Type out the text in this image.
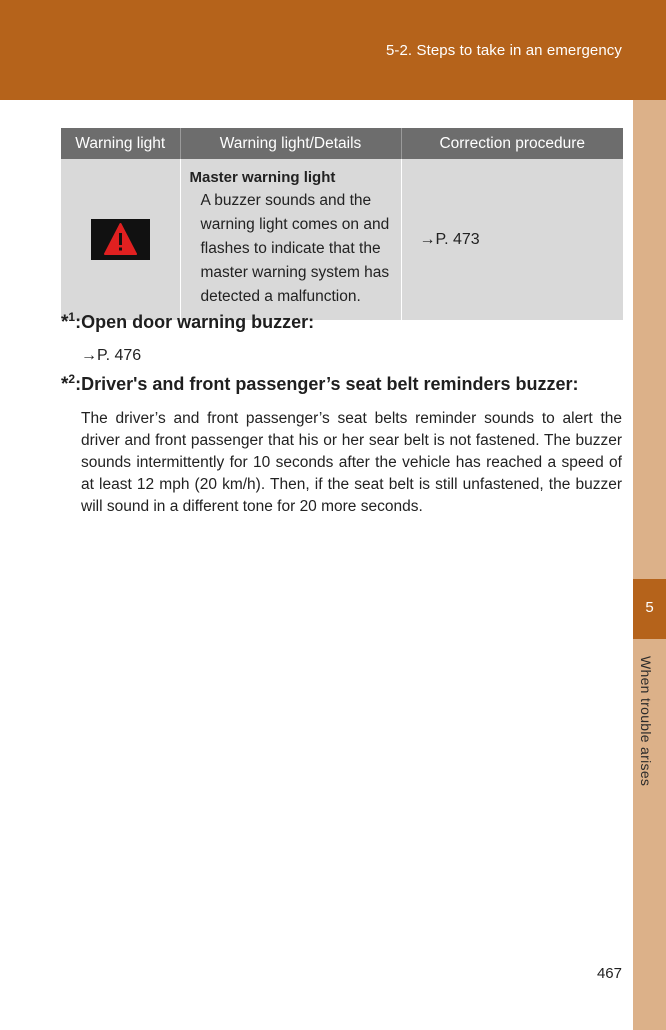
5-2. Steps to take in an emergency
5
When trouble arises
Warning light	Warning light/Details	Correction procedure

Master warning light
A buzzer sounds and the warning light comes on and flashes to indicate that the master warning system has detected a malfunction.	→P. 473
*$^1$:Open door warning buzzer:
→P. 476
*$^2$:Driver's and front passenger’s seat belt reminders buzzer:
The driver’s and front passenger’s seat belts reminder sounds to alert the driver and front passenger that his or her sear belt is not fastened. The buzzer sounds intermittently for 10 seconds after the vehicle has reached a speed of at least 12 mph (20 km/h). Then, if the seat belt is still unfastened, the buzzer will sound in a different tone for 20 more seconds.
467
